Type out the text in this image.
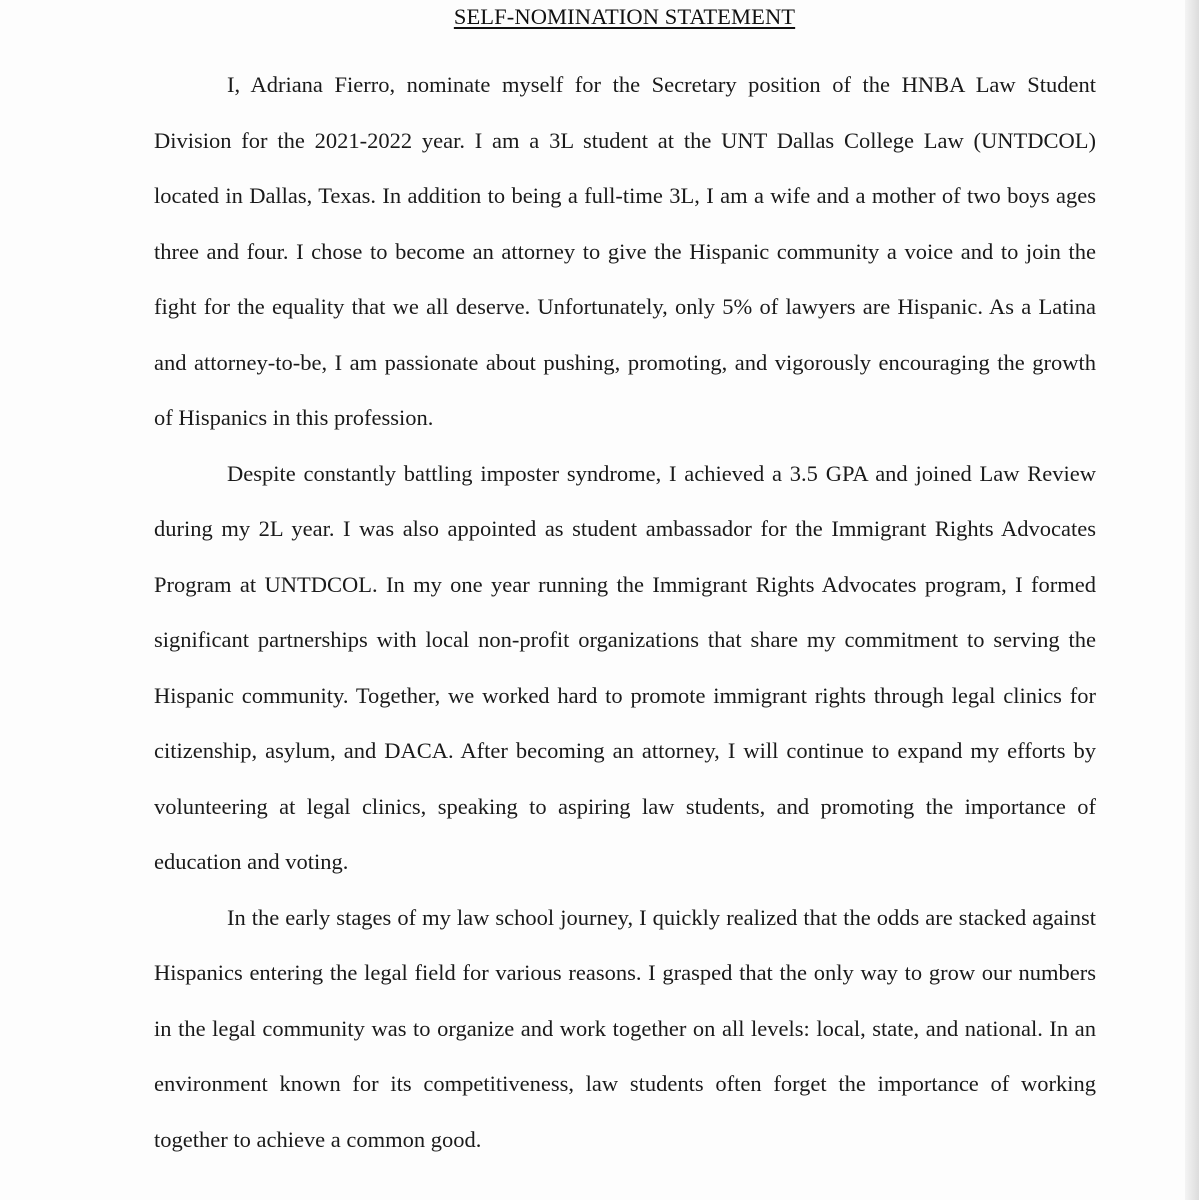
SELF-NOMINATION STATEMENT

I, Adriana Fierro, nominate myself for the Secretary position of the HNBA Law Student Division for the 2021-2022 year. I am a 3L student at the UNT Dallas College Law (UNTDCOL) located in Dallas, Texas. In addition to being a full-time 3L, I am a wife and a mother of two boys ages three and four. I chose to become an attorney to give the Hispanic community a voice and to join the fight for the equality that we all deserve. Unfortunately, only 5% of lawyers are Hispanic. As a Latina and attorney-to-be, I am passionate about pushing, promoting, and vigorously encouraging the growth of Hispanics in this profession.

Despite constantly battling imposter syndrome, I achieved a 3.5 GPA and joined Law Review during my 2L year. I was also appointed as student ambassador for the Immigrant Rights Advocates Program at UNTDCOL. In my one year running the Immigrant Rights Advocates program, I formed significant partnerships with local non-profit organizations that share my commitment to serving the Hispanic community. Together, we worked hard to promote immigrant rights through legal clinics for citizenship, asylum, and DACA. After becoming an attorney, I will continue to expand my efforts by volunteering at legal clinics, speaking to aspiring law students, and promoting the importance of education and voting.

In the early stages of my law school journey, I quickly realized that the odds are stacked against Hispanics entering the legal field for various reasons. I grasped that the only way to grow our numbers in the legal community was to organize and work together on all levels: local, state, and national. In an environment known for its competitiveness, law students often forget the importance of working together to achieve a common good.
